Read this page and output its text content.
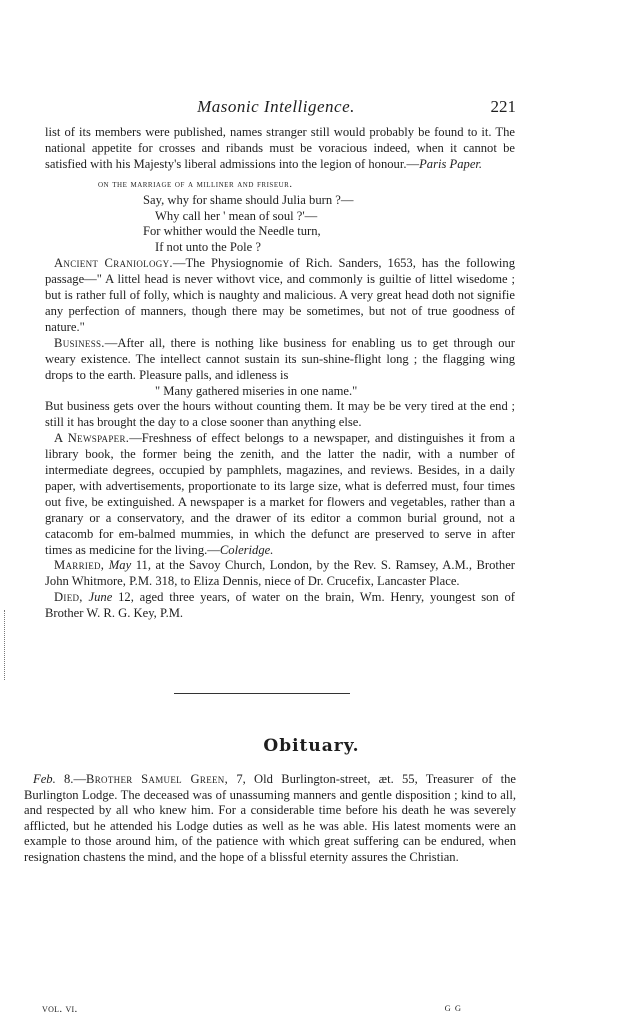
Masonic Intelligence.	221

list of its members were published, names stranger still would probably be found to it. The national appetite for crosses and ribands must be voracious indeed, when it cannot be satisfied with his Majesty's liberal admissions into the legion of honour.—Paris Paper.

on the marriage of a milliner and friseur.

Say, why for shame should Julia burn ?—

Why call her ' mean of soul ?'—

For whither would the Needle turn,

If not unto the Pole ?

Ancient Craniology.—The Physiognomie of Rich. Sanders, 1653, has the following passage—" A littel head is never withovt vice, and commonly is guiltie of littel wisedome ; but is rather full of folly, which is naughty and malicious. A very great head doth not signifie any perfection of manners, though there may be sometimes, but not of true goodness of nature."

Business.—After all, there is nothing like business for enabling us to get through our weary existence. The intellect cannot sustain its sun-shine-flight long ; the flagging wing drops to the earth. Pleasure palls, and idleness is

" Many gathered miseries in one name."

But business gets over the hours without counting them. It may be be very tired at the end ; still it has brought the day to a close sooner than anything else.

A Newspaper.—Freshness of effect belongs to a newspaper, and distinguishes it from a library book, the former being the zenith, and the latter the nadir, with a number of intermediate degrees, occupied by pamphlets, magazines, and reviews. Besides, in a daily paper, with advertisements, proportionate to its large size, what is deferred must, four times out five, be extinguished. A newspaper is a market for flowers and vegetables, rather than a granary or a conservatory, and the drawer of its editor a common burial ground, not a catacomb for em-balmed mummies, in which the defunct are preserved to serve in after times as medicine for the living.—Coleridge.

Married, May 11, at the Savoy Church, London, by the Rev. S. Ramsey, A.M., Brother John Whitmore, P.M. 318, to Eliza Dennis, niece of Dr. Crucefix, Lancaster Place.

Died, June 12, aged three years, of water on the brain, Wm. Henry, youngest son of Brother W. R. G. Key, P.M.

Obituary.

Feb. 8.—Brother Samuel Green, 7, Old Burlington-street, æt. 55, Treasurer of the Burlington Lodge. The deceased was of unassuming manners and gentle disposition ; kind to all, and respected by all who knew him. For a considerable time before his death he was severely afflicted, but he attended his Lodge duties as well as he was able. His latest moments were an example to those around him, of the patience with which great suffering can be endured, when resignation chastens the mind, and the hope of a blissful eternity assures the Christian.

vol. vi.	G G
